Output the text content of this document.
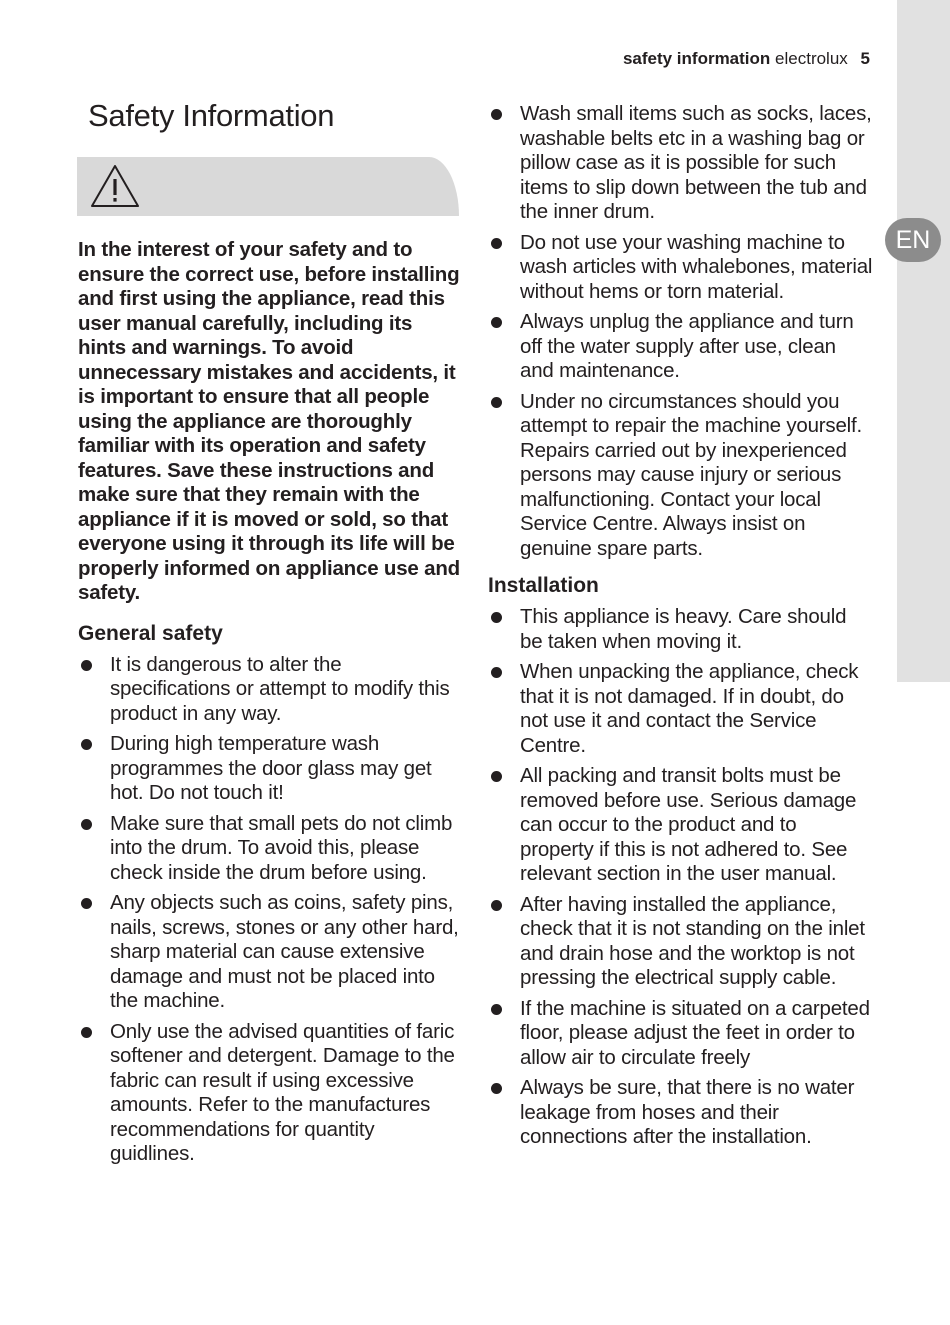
EN
safety information electrolux 5
Safety Information

In the interest of your safety and to ensure the correct use, before installing and first using the appliance, read this user manual carefully, including its hints and warnings. To avoid unnecessary mistakes and accidents, it is important to ensure that all people using the appliance are thoroughly familiar with its operation and safety features. Save these instructions and make sure that they remain with the appliance if it is moved or sold, so that everyone using it through its life will be properly informed on appliance use and safety.

General safety
It is dangerous to alter the specifications or attempt to modify this product in any way.
During high temperature wash programmes the door glass may get hot. Do not touch it!
Make sure that small pets do not climb into the drum. To avoid this, please check inside the drum before using.
Any objects such as coins, safety pins, nails, screws, stones or any other hard, sharp material can cause extensive damage and must not be placed into the machine.
Only use the advised quantities of faric softener and detergent. Damage to the fabric can result if using excessive amounts. Refer to the manufactures recommendations for quantity guidlines.
Wash small items such as socks, laces, washable belts etc in a washing bag or pillow case as it is possible for such items to slip down between the tub and the inner drum.
Do not use your washing machine to wash articles with whalebones, material without hems or torn material.
Always unplug the appliance and turn off the water supply after use, clean and maintenance.
Under no circumstances should you attempt to repair the machine yourself. Repairs carried out by inexperienced persons may cause injury or serious malfunctioning. Contact your local Service Centre. Always insist on genuine spare parts.
Installation
This appliance is heavy. Care should be taken when moving it.
When unpacking the appliance, check that it is not damaged. If in doubt, do not use it and contact the Service Centre.
All packing and transit bolts must be removed before use. Serious damage can occur to the product and to property if this is not adhered to. See relevant section in the user manual.
After having installed the appliance, check that it is not standing on the inlet and drain hose and the worktop is not pressing the electrical supply cable.
If the machine is situated on a carpeted floor, please adjust the feet in order to allow air to circulate freely
Always be sure, that there is no water leakage from hoses and their connections after the installation.
